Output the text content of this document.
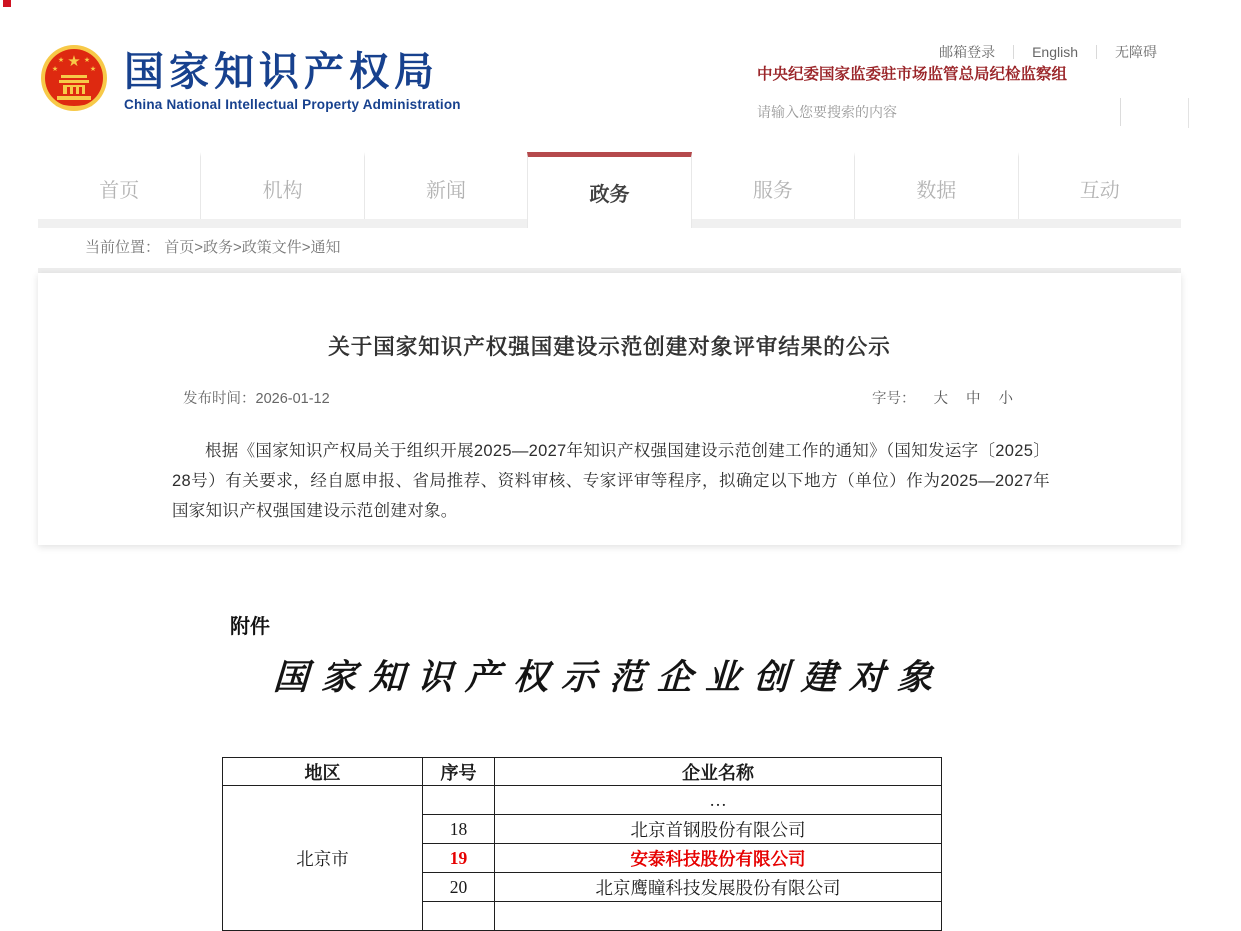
★
★	★
★	★ 国家知识产权局
China National Intellectual Property Administration
邮箱登录	English	无障碍
中央纪委国家监委驻市场监管总局纪检监察组
请输入您要搜索的内容
首页	机构	新闻	政务	服务	数据	互动
当前位置： 首页>政务>政策文件>通知
关于国家知识产权强国建设示范创建对象评审结果的公示
发布时间：2026-01-12	字号： 大 中 小
根据《国家知识产权局关于组织开展2025—2027年知识产权强国建设示范创建工作的通知》（国知发运字〔2025〕28号）有关要求，经自愿申报、省局推荐、资料审核、专家评审等程序，拟确定以下地方（单位）作为2025—2027年国家知识产权强国建设示范创建对象。
附件
国家知识产权示范企业创建对象
地区	序号	企业名称
北京市		…
	18	北京首钢股份有限公司
	19	安泰科技股份有限公司
	20	北京鹰瞳科技发展股份有限公司
